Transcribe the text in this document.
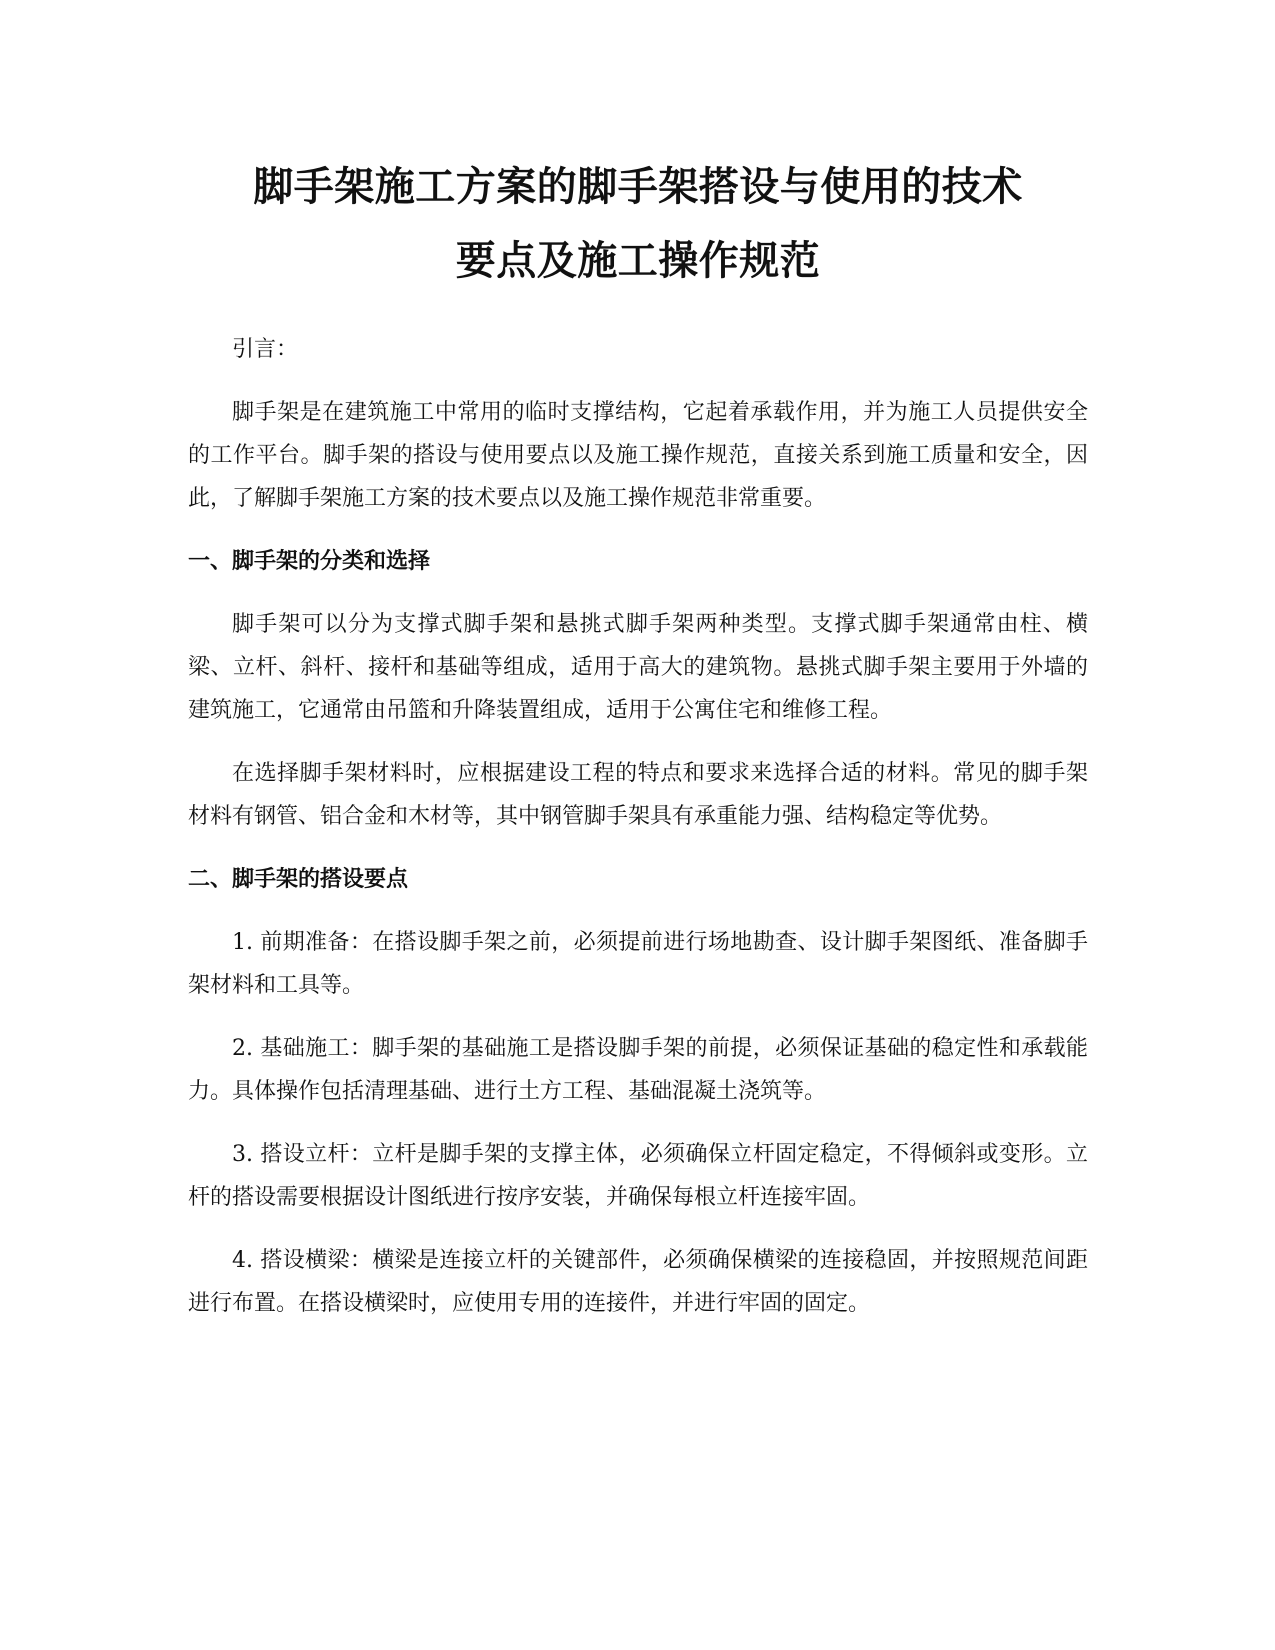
脚手架施工方案的脚手架搭设与使用的技术
要点及施工操作规范

引言：

脚手架是在建筑施工中常用的临时支撑结构，它起着承载作用，并为施工人员提供安全的工作平台。脚手架的搭设与使用要点以及施工操作规范，直接关系到施工质量和安全，因此，了解脚手架施工方案的技术要点以及施工操作规范非常重要。

一、脚手架的分类和选择

脚手架可以分为支撑式脚手架和悬挑式脚手架两种类型。支撑式脚手架通常由柱、横梁、立杆、斜杆、接杆和基础等组成，适用于高大的建筑物。悬挑式脚手架主要用于外墙的建筑施工，它通常由吊篮和升降装置组成，适用于公寓住宅和维修工程。

在选择脚手架材料时，应根据建设工程的特点和要求来选择合适的材料。常见的脚手架材料有钢管、铝合金和木材等，其中钢管脚手架具有承重能力强、结构稳定等优势。

二、脚手架的搭设要点

1. 前期准备：在搭设脚手架之前，必须提前进行场地勘查、设计脚手架图纸、准备脚手架材料和工具等。

2. 基础施工：脚手架的基础施工是搭设脚手架的前提，必须保证基础的稳定性和承载能力。具体操作包括清理基础、进行土方工程、基础混凝土浇筑等。

3. 搭设立杆：立杆是脚手架的支撑主体，必须确保立杆固定稳定，不得倾斜或变形。立杆的搭设需要根据设计图纸进行按序安装，并确保每根立杆连接牢固。

4. 搭设横梁：横梁是连接立杆的关键部件，必须确保横梁的连接稳固，并按照规范间距进行布置。在搭设横梁时，应使用专用的连接件，并进行牢固的固定。
